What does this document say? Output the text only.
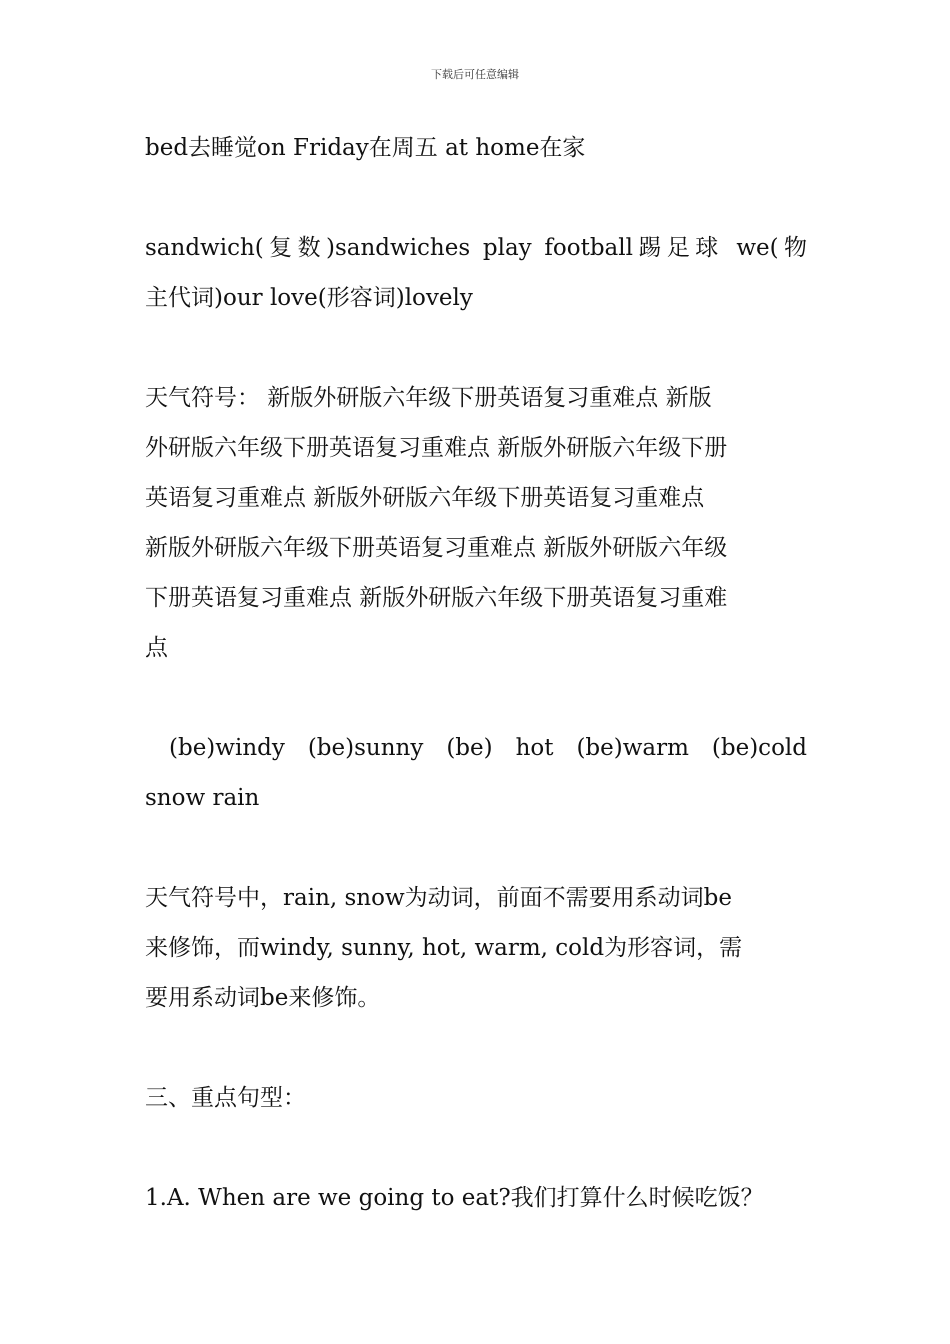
下载后可任意编辑
bed去睡觉on Friday在周五 at home在家
sandwich(复数)sandwiches play football踢足球 we(物
主代词)our love(形容词)lovely
天气符号： 新版外研版六年级下册英语复习重难点 新版
外研版六年级下册英语复习重难点 新版外研版六年级下册
英语复习重难点 新版外研版六年级下册英语复习重难点
新版外研版六年级下册英语复习重难点 新版外研版六年级
下册英语复习重难点 新版外研版六年级下册英语复习重难
点
(be)windy (be)sunny (be) hot (be)warm (be)cold
snow rain
天气符号中，rain, snow为动词，前面不需要用系动词be
来修饰，而windy, sunny, hot, warm, cold为形容词，需
要用系动词be来修饰。
三、重点句型：
1.A. When are we going to eat?我们打算什么时候吃饭？
